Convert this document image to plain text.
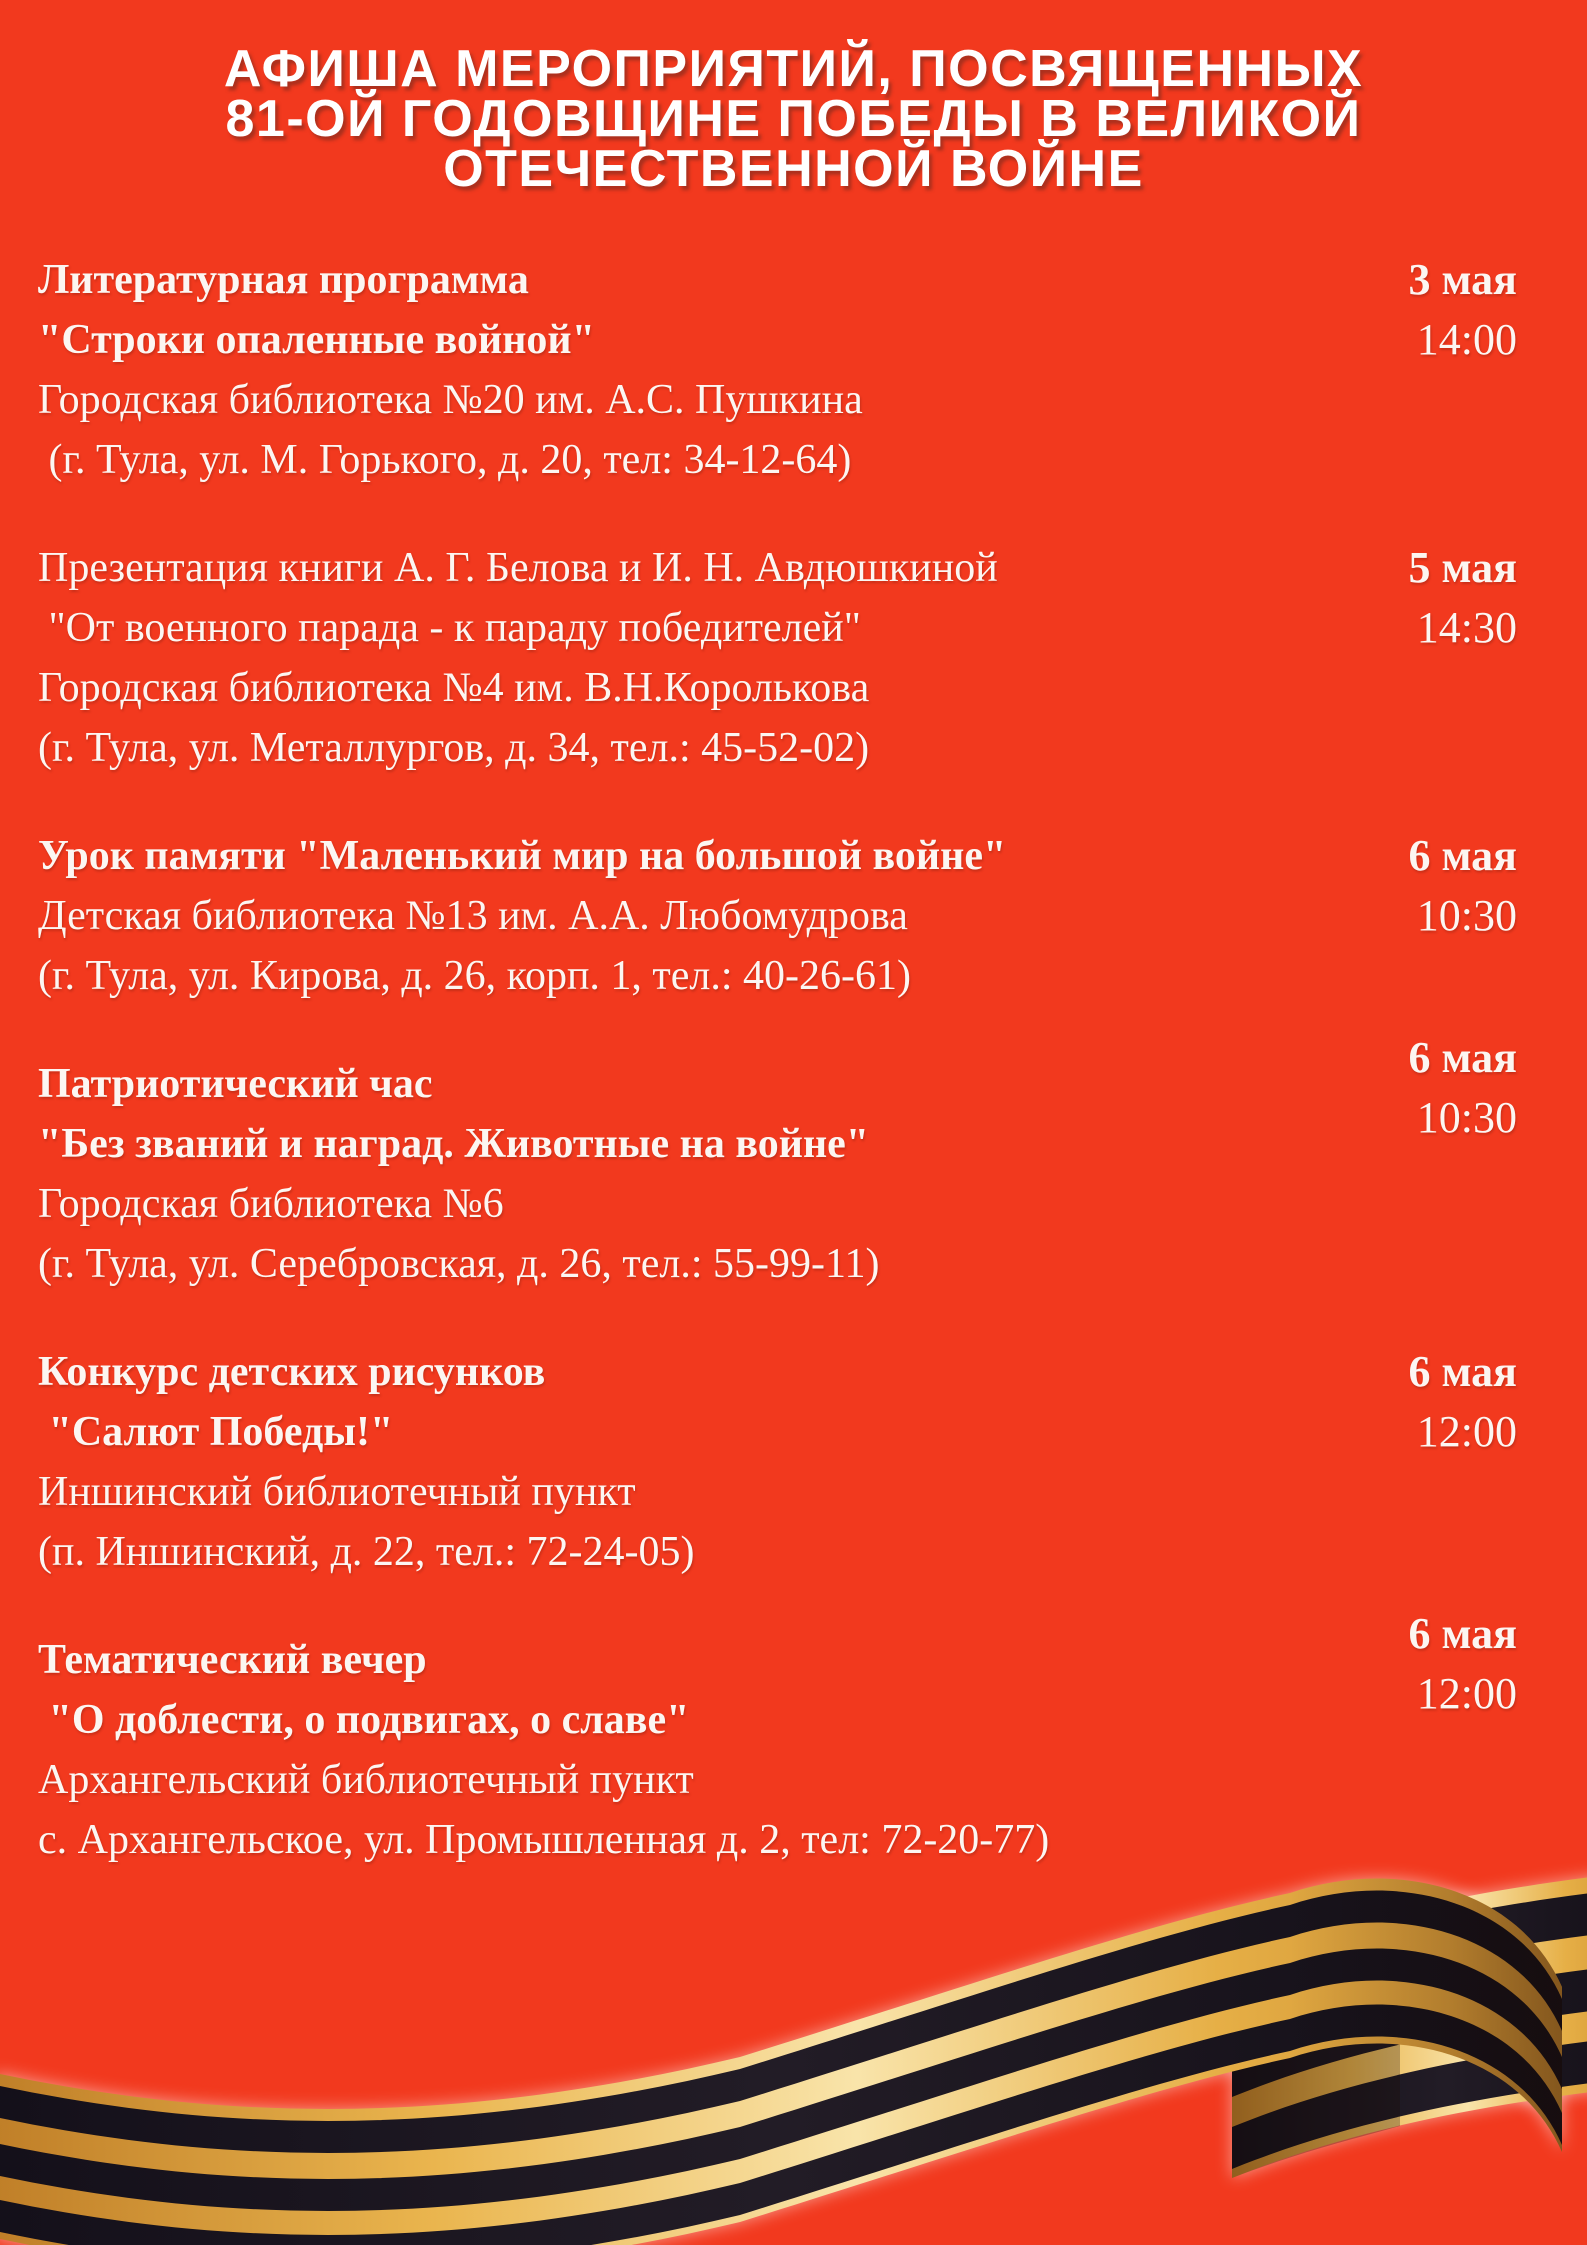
АФИША МЕРОПРИЯТИЙ, ПОСВЯЩЕННЫХ
81-ОЙ ГОДОВЩИНЕ ПОБЕДЫ В ВЕЛИКОЙ
ОТЕЧЕСТВЕННОЙ ВОЙНЕ
Литературная программа
"Строки опаленные войной"
Городская библиотека №20 им. А.С. Пушкина
(г. Тула, ул. М. Горького, д. 20, тел: 34-12-64)
3 мая
14:00
Презентация книги А. Г. Белова и И. Н. Авдюшкиной
"От военного парада - к параду победителей"
Городская библиотека №4 им. В.Н.Королькова
(г. Тула, ул. Металлургов, д. 34, тел.: 45-52-02)
5 мая
14:30
Урок памяти "Маленький мир на большой войне"
Детская библиотека №13 им. А.А. Любомудрова
(г. Тула, ул. Кирова, д. 26, корп. 1, тел.: 40-26-61)
6 мая
10:30
Патриотический час
"Без званий и наград. Животные на войне"
Городская библиотека №6
(г. Тула, ул. Серебровская, д. 26, тел.: 55-99-11)
6 мая
10:30
Конкурс детских рисунков
"Салют Победы!"
Иншинский библиотечный пункт
(п. Иншинский, д. 22, тел.: 72-24-05)
6 мая
12:00
Тематический вечер
"О доблести, о подвигах, о славе"
Архангельский библиотечный пункт
с. Архангельское, ул. Промышленная д. 2, тел: 72-20-77)
6 мая
12:00
